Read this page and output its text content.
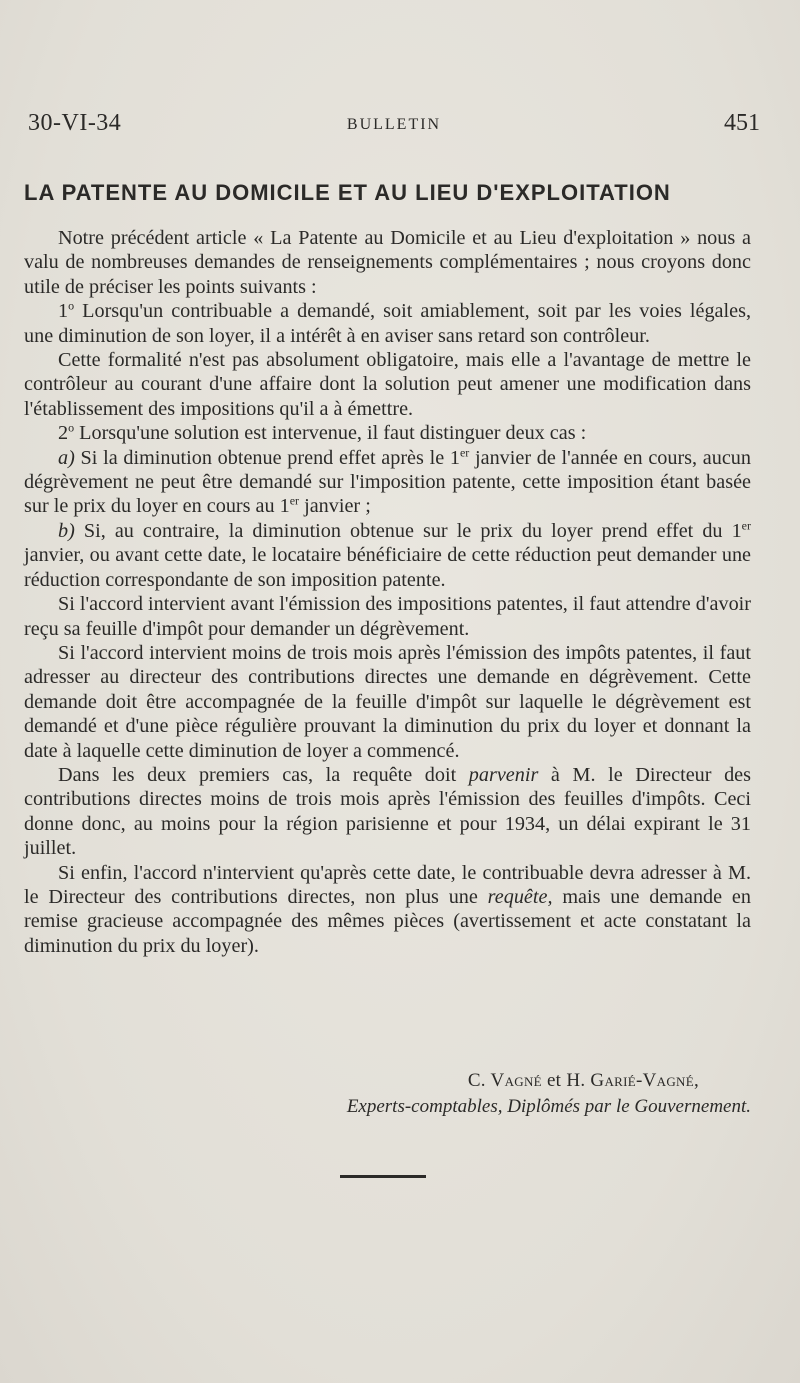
30-VI-34	BULLETIN	451
LA PATENTE AU DOMICILE ET AU LIEU D'EXPLOITATION

Notre précédent article « La Patente au Domicile et au Lieu d'exploitation » nous a valu de nombreuses demandes de renseignements complémentaires ; nous croyons donc utile de préciser les points suivants :

1$^o$ Lorsqu'un contribuable a demandé, soit amiablement, soit par les voies légales, une diminution de son loyer, il a intérêt à en aviser sans retard son contrôleur.

Cette formalité n'est pas absolument obligatoire, mais elle a l'avantage de mettre le contrôleur au courant d'une affaire dont la solution peut amener une modification dans l'établissement des impositions qu'il a à émettre.

2$^o$ Lorsqu'une solution est intervenue, il faut distinguer deux cas :

a) Si la diminution obtenue prend effet après le 1er janvier de l'année en cours, aucun dégrèvement ne peut être demandé sur l'imposition patente, cette imposition étant basée sur le prix du loyer en cours au 1er janvier ;

b) Si, au contraire, la diminution obtenue sur le prix du loyer prend effet du 1er janvier, ou avant cette date, le locataire bénéficiaire de cette réduction peut demander une réduction correspondante de son imposition patente.

Si l'accord intervient avant l'émission des impositions patentes, il faut attendre d'avoir reçu sa feuille d'impôt pour demander un dégrèvement.

Si l'accord intervient moins de trois mois après l'émission des impôts patentes, il faut adresser au directeur des contributions directes une demande en dégrèvement. Cette demande doit être accompagnée de la feuille d'impôt sur laquelle le dégrèvement est demandé et d'une pièce régulière prouvant la diminution du prix du loyer et donnant la date à laquelle cette diminution de loyer a commencé.

Dans les deux premiers cas, la requête doit parvenir à M. le Directeur des contributions directes moins de trois mois après l'émission des feuilles d'impôts. Ceci donne donc, au moins pour la région parisienne et pour 1934, un délai expirant le 31 juillet.

Si enfin, l'accord n'intervient qu'après cette date, le contribuable devra adresser à M. le Directeur des contributions directes, non plus une requête, mais une demande en remise gracieuse accompagnée des mêmes pièces (avertissement et acte constatant la diminution du prix du loyer).

C. Vagné et H. Garié-Vagné,
Experts-comptables, Diplômés par le Gouvernement.
